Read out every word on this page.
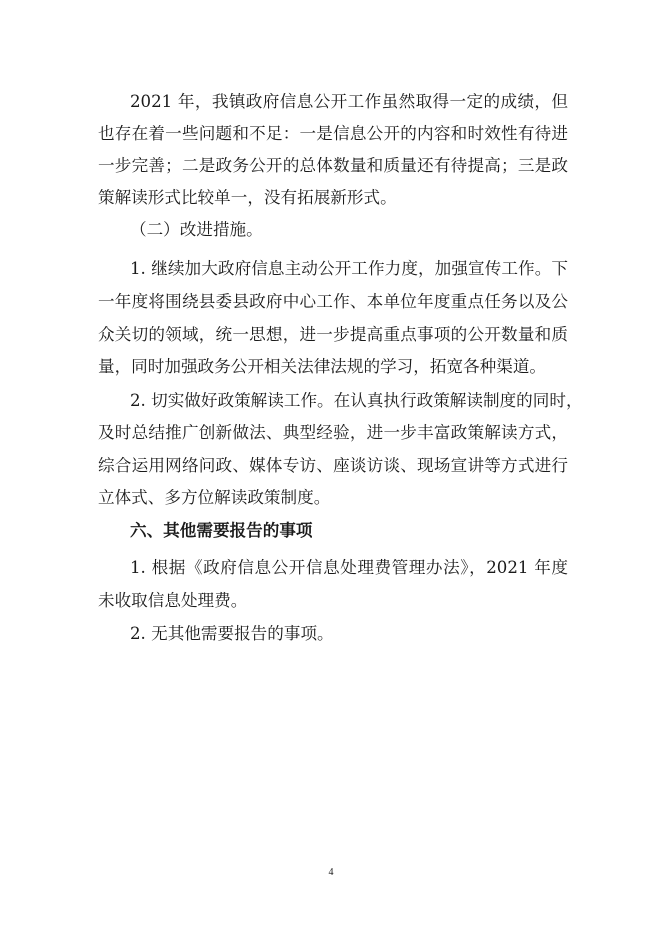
2021 年，我镇政府信息公开工作虽然取得一定的成绩，但
也存在着一些问题和不足：一是信息公开的内容和时效性有待进
一步完善；二是政务公开的总体数量和质量还有待提高；三是政
策解读形式比较单一，没有拓展新形式。
（二）改进措施。
1. 继续加大政府信息主动公开工作力度，加强宣传工作。下
一年度将围绕县委县政府中心工作、本单位年度重点任务以及公
众关切的领域，统一思想，进一步提高重点事项的公开数量和质
量，同时加强政务公开相关法律法规的学习，拓宽各种渠道。
2. 切实做好政策解读工作。在认真执行政策解读制度的同时，
及时总结推广创新做法、典型经验，进一步丰富政策解读方式，
综合运用网络问政、媒体专访、座谈访谈、现场宣讲等方式进行
立体式、多方位解读政策制度。
六、其他需要报告的事项
1. 根据《政府信息公开信息处理费管理办法》，2021 年度
未收取信息处理费。
2. 无其他需要报告的事项。
4
